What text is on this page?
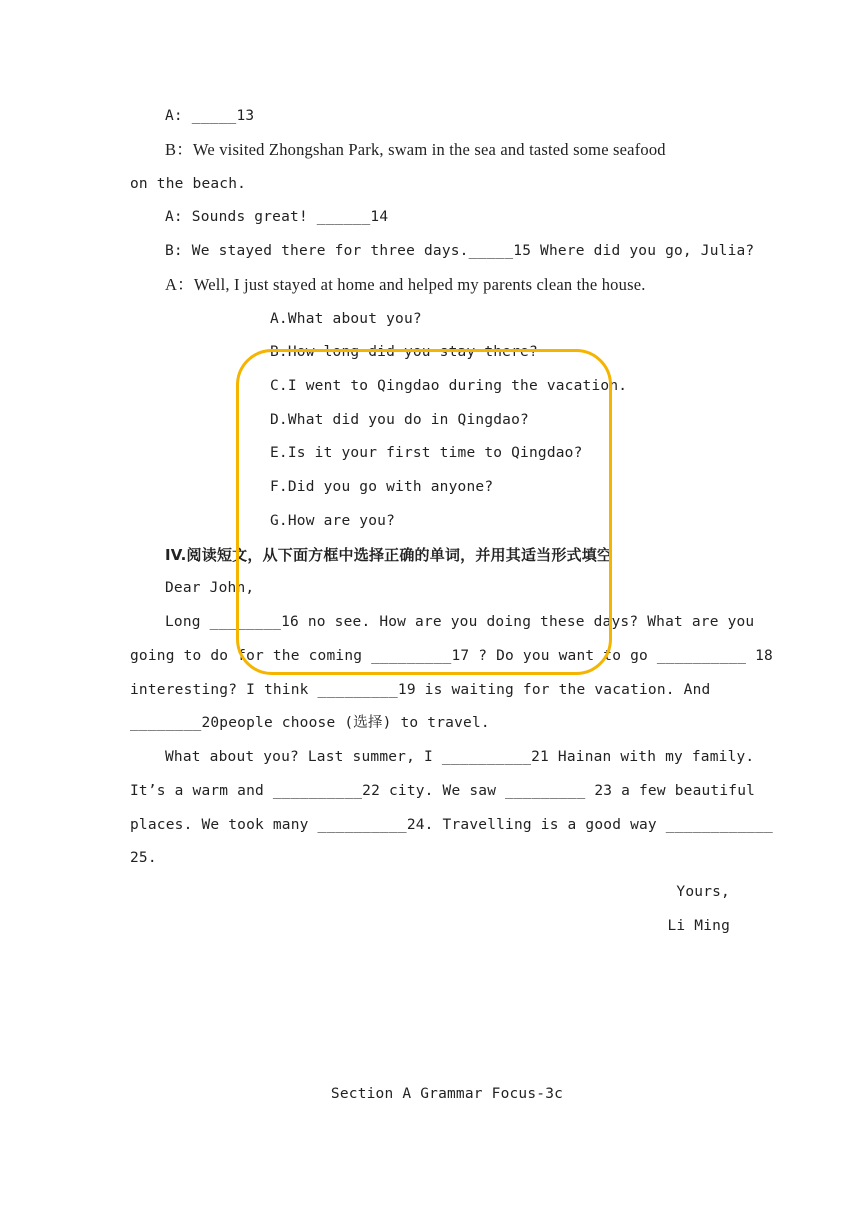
A: _____13
B：We visited Zhongshan Park, swam in the sea and tasted some seafood
on the beach.
A: Sounds great! ______14
B: We stayed there for three days._____15 Where did you go, Julia?
A：Well, I just stayed at home and helped my parents clean the house.
A.What about you?
B.How long did you stay there?
C.I went to Qingdao during the vacation.
D.What did you do in Qingdao?
E.Is it your first time to Qingdao?
F.Did you go with anyone?
G.How are you?
IV.阅读短文，从下面方框中选择正确的单词，并用其适当形式填空
Dear John,
Long ________16 no see. How are you doing these days? What are you
going to do for the coming _________17 ? Do you want to go __________ 18
interesting? I think _________19 is waiting for the vacation. And
________20people choose (选择) to travel.
What about you? Last summer, I __________21 Hainan with my family.
It’s a warm and __________22 city. We saw _________ 23 a few beautiful
places. We took many __________24. Travelling is a good way ____________
25.
Yours,
Li Ming
Section A Grammar Focus-3c
